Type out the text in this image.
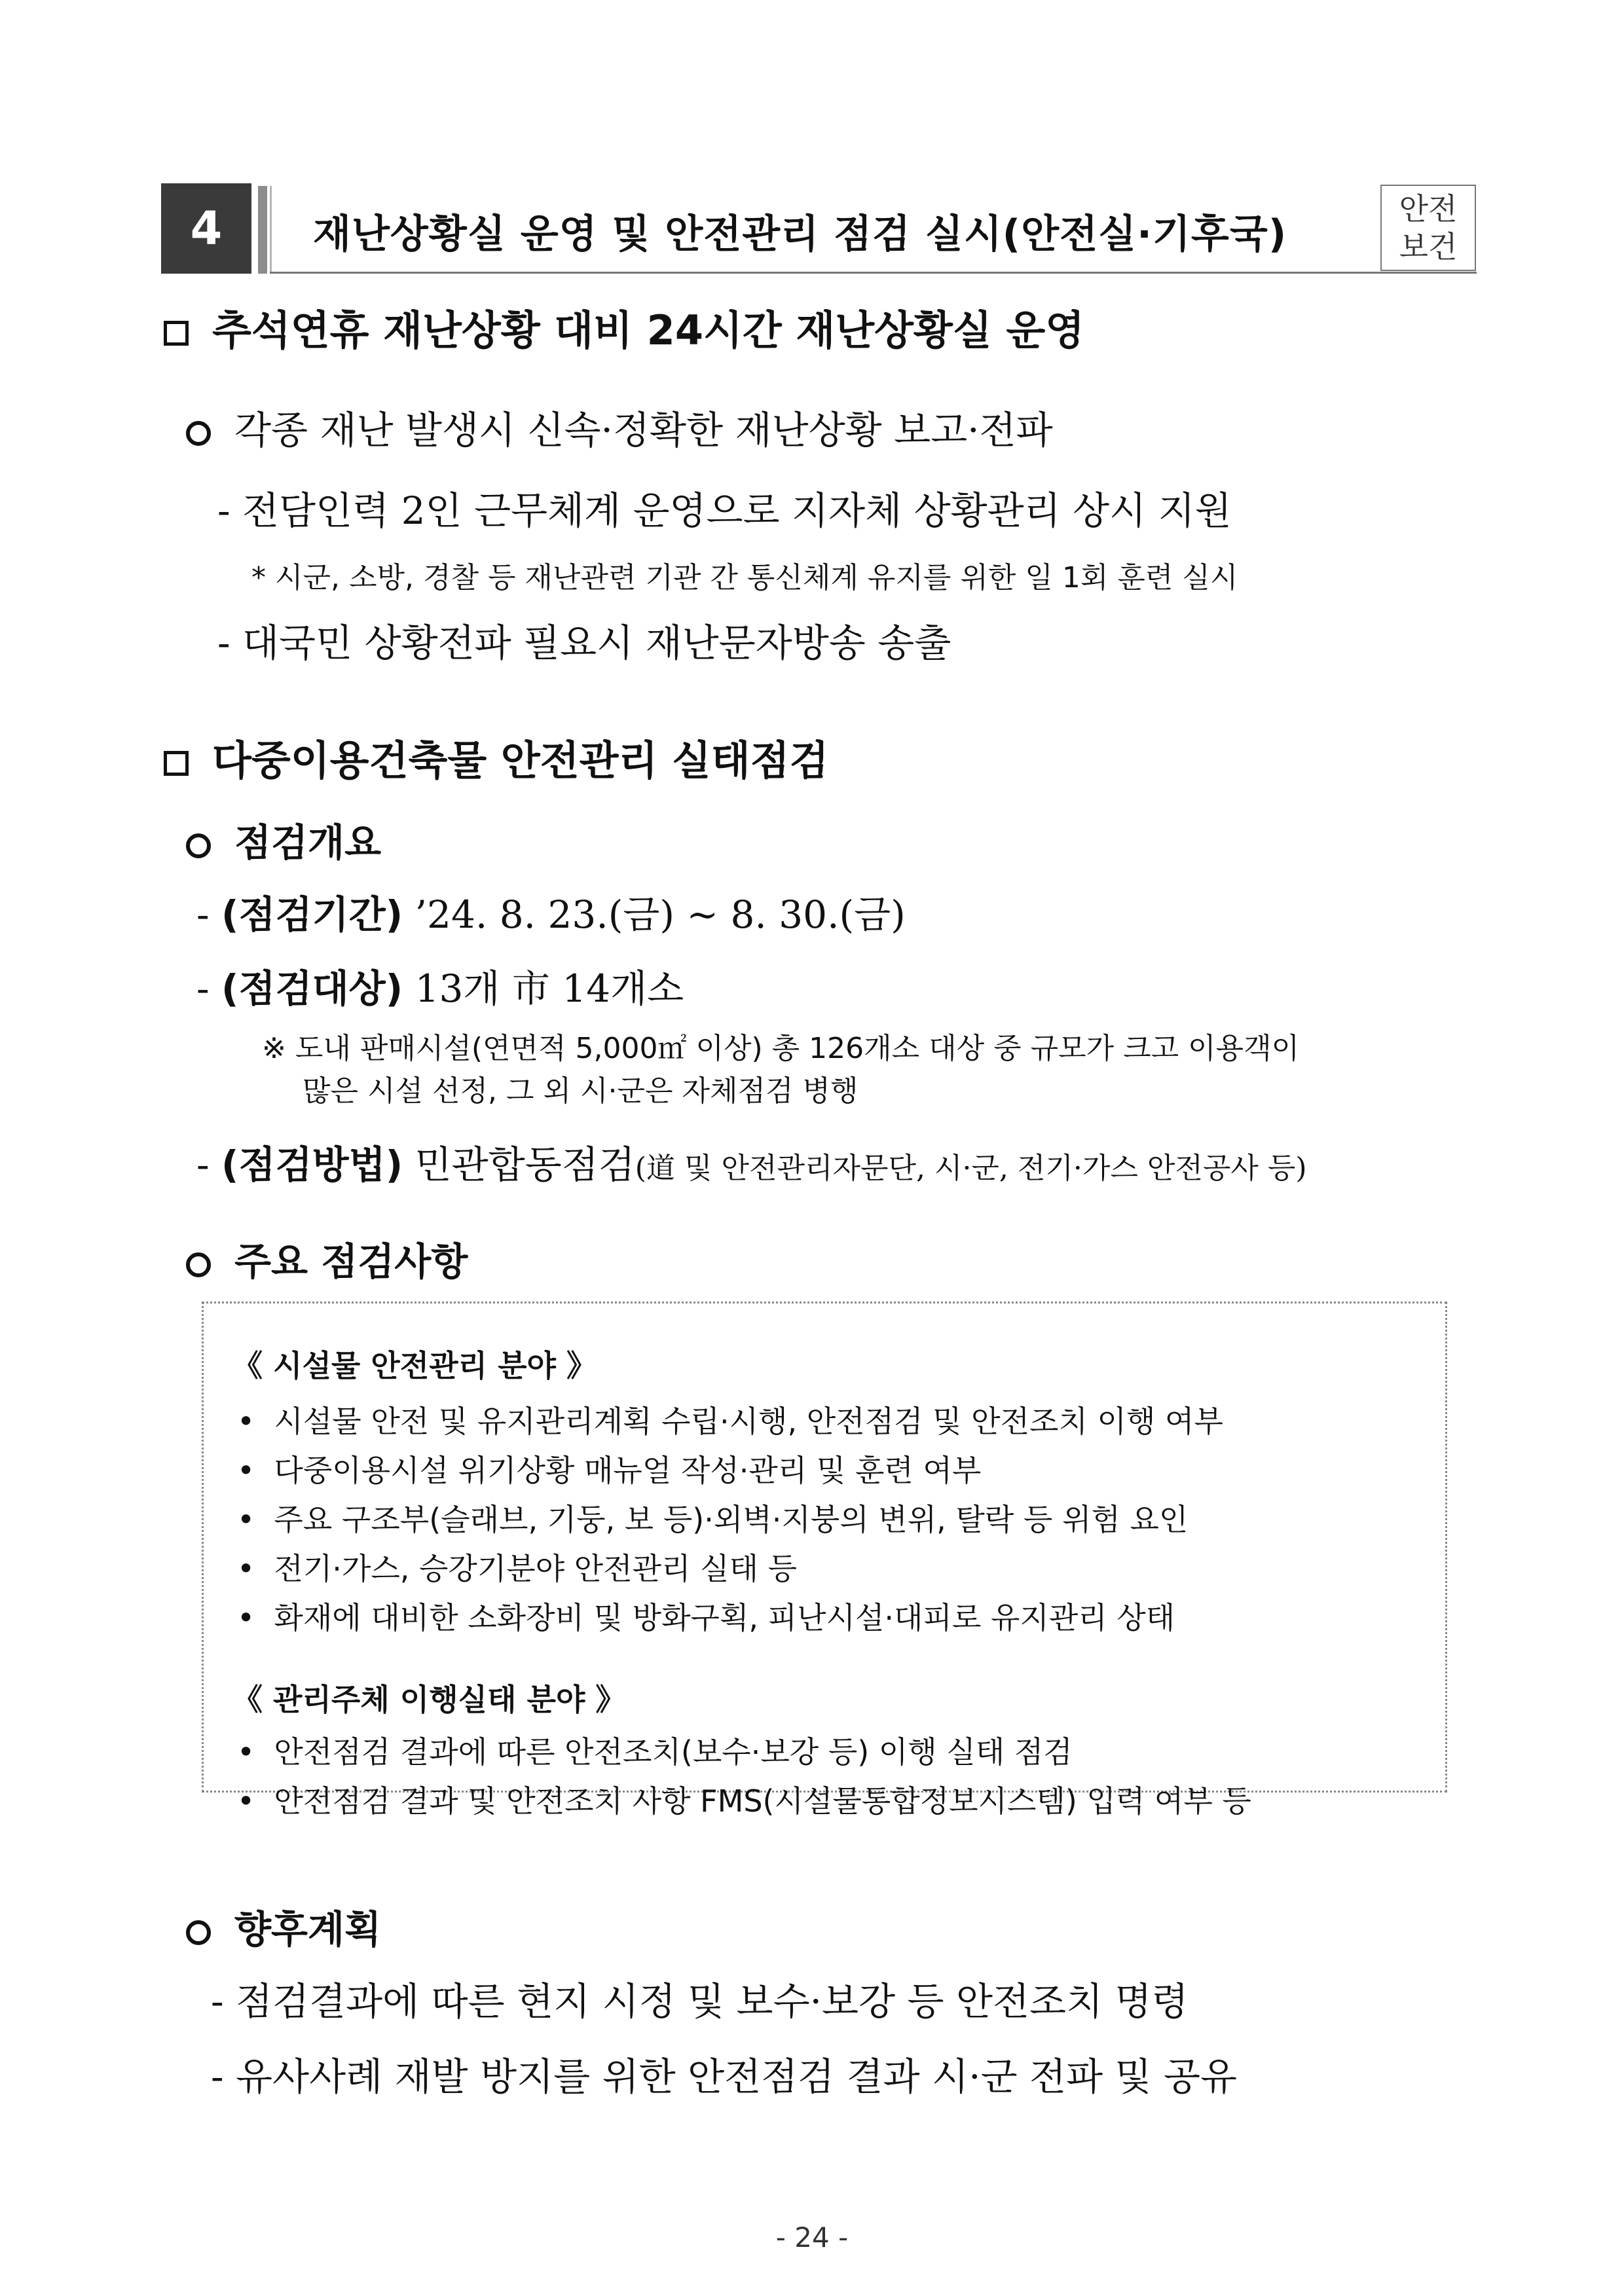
4	재난상황실 운영 및 안전관리 점검 실시(안전실·기후국)
안전
보건
추석연휴 재난상황 대비 24시간 재난상황실 운영
각종 재난 발생시 신속·정확한 재난상황 보고·전파
- 전담인력 2인 근무체계 운영으로 지자체 상황관리 상시 지원
* 시군, 소방, 경찰 등 재난관련 기관 간 통신체계 유지를 위한 일 1회 훈련 실시
- 대국민 상황전파 필요시 재난문자방송 송출
다중이용건축물 안전관리 실태점검
점검개요
- (점검기간) ’24. 8. 23.(금) ~ 8. 30.(금)
- (점검대상) 13개 市 14개소
※ 도내 판매시설(연면적 5,000㎡ 이상) 총 126개소 대상 중 규모가 크고 이용객이
많은 시설 선정, 그 외 시·군은 자체점검 병행
- (점검방법) 민관합동점검(道 및 안전관리자문단, 시·군, 전기·가스 안전공사 등)
주요 점검사항
《 시설물 안전관리 분야 》
•  시설물 안전 및 유지관리계획 수립·시행, 안전점검 및 안전조치 이행 여부
•  다중이용시설 위기상황 매뉴얼 작성·관리 및 훈련 여부
•  주요 구조부(슬래브, 기둥, 보 등)·외벽·지붕의 변위, 탈락 등 위험 요인
•  전기·가스, 승강기분야 안전관리 실태 등
•  화재에 대비한 소화장비 및 방화구획, 피난시설·대피로 유지관리 상태
《 관리주체 이행실태 분야 》
•  안전점검 결과에 따른 안전조치(보수·보강 등) 이행 실태 점검
•  안전점검 결과 및 안전조치 사항 FMS(시설물통합정보시스템) 입력 여부 등
향후계획
- 점검결과에 따른 현지 시정 및 보수·보강 등 안전조치 명령
- 유사사례 재발 방지를 위한 안전점검 결과 시·군 전파 및 공유
- 24 -
